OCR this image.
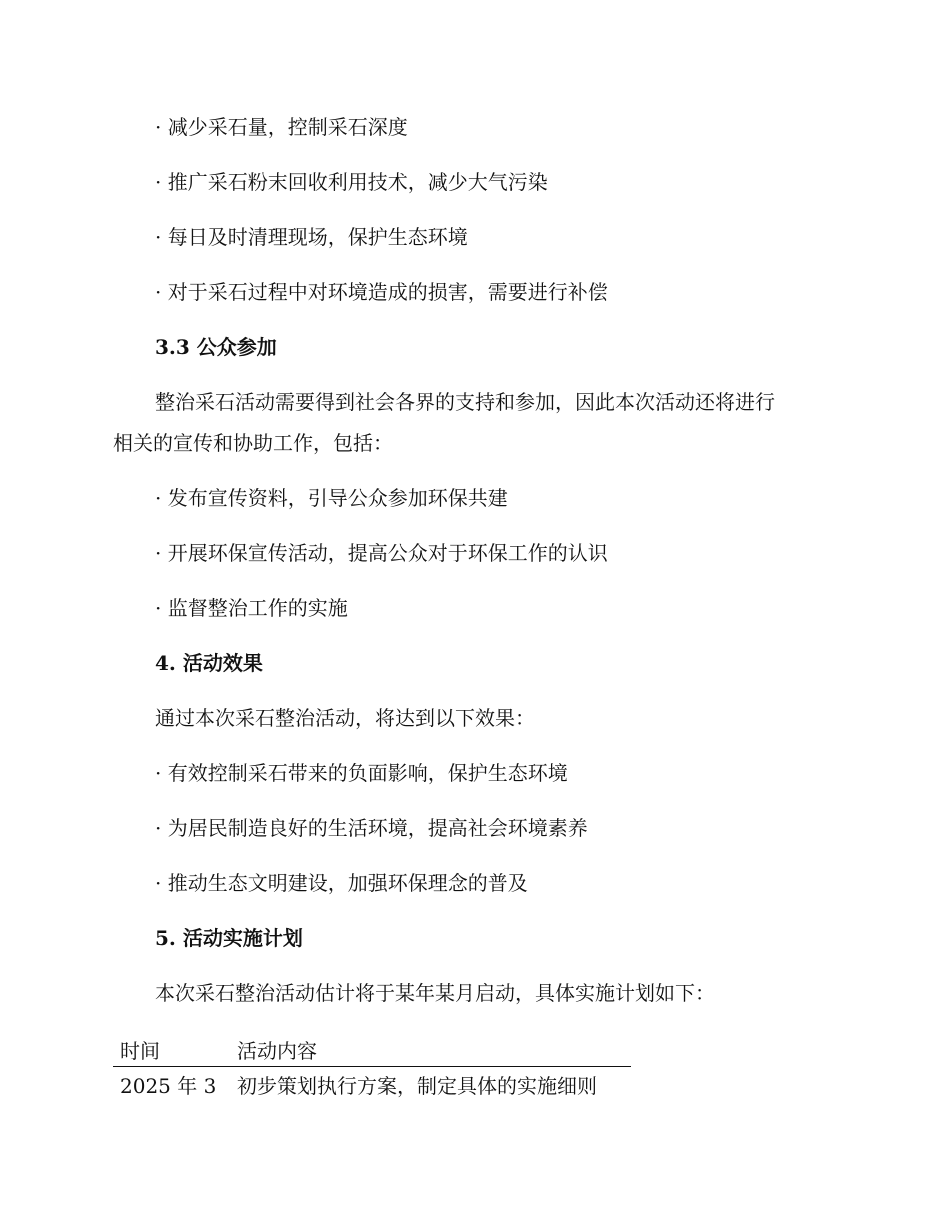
· 减少采石量，控制采石深度
· 推广采石粉末回收利用技术，减少大气污染
· 每日及时清理现场，保护生态环境
· 对于采石过程中对环境造成的损害，需要进行补偿
3.3 公众参加
整治采石活动需要得到社会各界的支持和参加，因此本次活动还将进行
相关的宣传和协助工作，包括：
· 发布宣传资料，引导公众参加环保共建
· 开展环保宣传活动，提高公众对于环保工作的认识
· 监督整治工作的实施
4. 活动效果
通过本次采石整治活动，将达到以下效果：
· 有效控制采石带来的负面影响，保护生态环境
· 为居民制造良好的生活环境，提高社会环境素养
· 推动生态文明建设，加强环保理念的普及
5. 活动实施计划
本次采石整治活动估计将于某年某月启动，具体实施计划如下：
时间	活动内容
2025 年 3	初步策划执行方案，制定具体的实施细则
